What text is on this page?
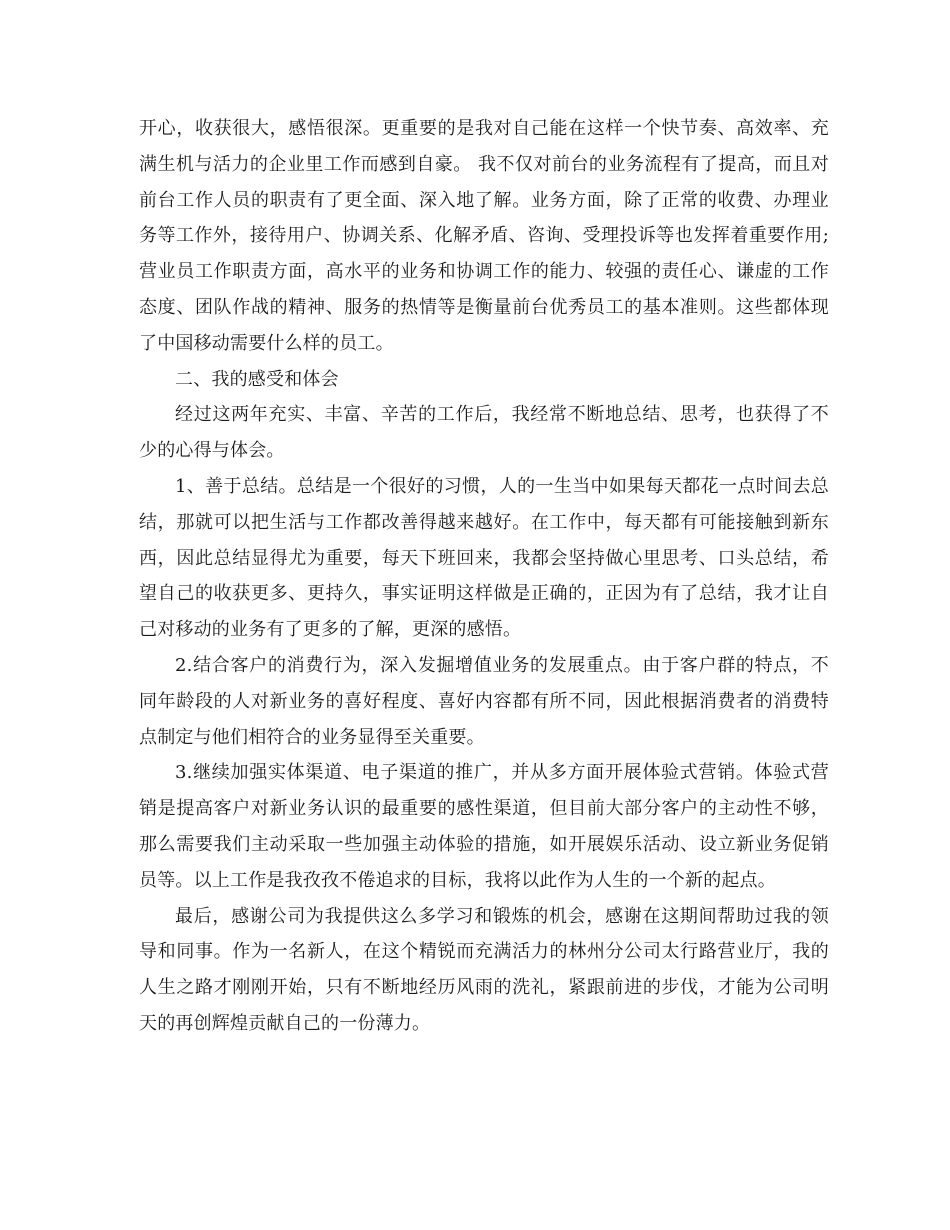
开心，收获很大，感悟很深。更重要的是我对自己能在这样一个快节奏、高效率、充满生机与活力的企业里工作而感到自豪。 我不仅对前台的业务流程有了提高，而且对前台工作人员的职责有了更全面、深入地了解。业务方面，除了正常的收费、办理业务等工作外，接待用户、协调关系、化解矛盾、咨询、受理投诉等也发挥着重要作用;营业员工作职责方面，高水平的业务和协调工作的能力、较强的责任心、谦虚的工作态度、团队作战的精神、服务的热情等是衡量前台优秀员工的基本准则。这些都体现了中国移动需要什么样的员工。

二、我的感受和体会

经过这两年充实、丰富、辛苦的工作后，我经常不断地总结、思考，也获得了不少的心得与体会。

1、善于总结。总结是一个很好的习惯，人的一生当中如果每天都花一点时间去总结，那就可以把生活与工作都改善得越来越好。在工作中，每天都有可能接触到新东西，因此总结显得尤为重要，每天下班回来，我都会坚持做心里思考、口头总结，希望自己的收获更多、更持久，事实证明这样做是正确的，正因为有了总结，我才让自己对移动的业务有了更多的了解，更深的感悟。

2.结合客户的消费行为，深入发掘增值业务的发展重点。由于客户群的特点，不同年龄段的人对新业务的喜好程度、喜好内容都有所不同，因此根据消费者的消费特点制定与他们相符合的业务显得至关重要。

3.继续加强实体渠道、电子渠道的推广，并从多方面开展体验式营销。体验式营销是提高客户对新业务认识的最重要的感性渠道，但目前大部分客户的主动性不够，那么需要我们主动采取一些加强主动体验的措施，如开展娱乐活动、设立新业务促销员等。以上工作是我孜孜不倦追求的目标，我将以此作为人生的一个新的起点。

最后，感谢公司为我提供这么多学习和锻炼的机会，感谢在这期间帮助过我的领导和同事。作为一名新人，在这个精锐而充满活力的林州分公司太行路营业厅，我的人生之路才刚刚开始，只有不断地经历风雨的洗礼，紧跟前进的步伐，才能为公司明天的再创辉煌贡献自己的一份薄力。
